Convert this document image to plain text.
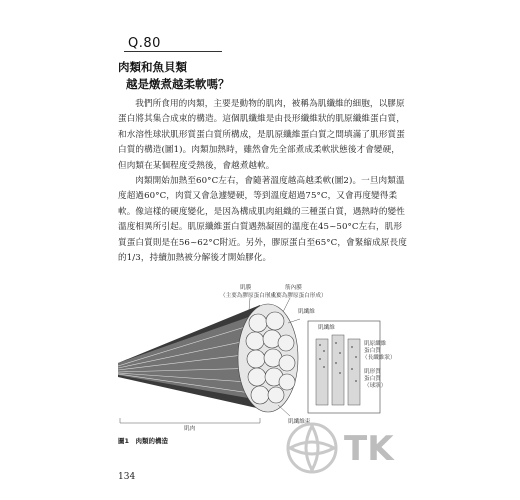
Q.80
肉類和魚貝類
越是燉煮越柔軟嗎？

我們所食用的肉類，主要是動物的肌肉，被稱為肌纖維的細胞，以膠原蛋白將其集合成束的構造。這個肌纖維是由長形纖維狀的肌原纖維蛋白質，和水溶性球狀肌形質蛋白質所構成，是肌原纖維蛋白質之間填滿了肌形質蛋白質的構造(圖1)。肉類加熱時，雖然會先全部煮成柔軟狀態後才會變硬，但肉類在某個程度受熱後，會越煮越軟。

肉類開始加熱至60°C左右，會隨著溫度越高越柔軟(圖2)。一旦肉類溫度超過60°C，肉質又會急遽變硬，等到溫度超過75°C，又會再度變得柔軟。像這樣的硬度變化，是因為構成肌肉組織的三種蛋白質，遇熱時的變性溫度相異所引起。肌原纖維蛋白質遇熱凝固的溫度在45~50°C左右，肌形質蛋白質則是在56~62°C附近。另外，膠原蛋白至65°C，會緊縮成原長度的1/3，持續加熱被分解後才開始膠化。

肌膜
（主要為膠原蛋白形成）
筋內膜
（主要為膠原蛋白形成）
肌纖維
肌纖維
肌原纖維
蛋白質
（長纖維狀）
肌形質
蛋白質
（球狀）
肌纖維束
肌肉
圖1　肉類的構造
134
TK
